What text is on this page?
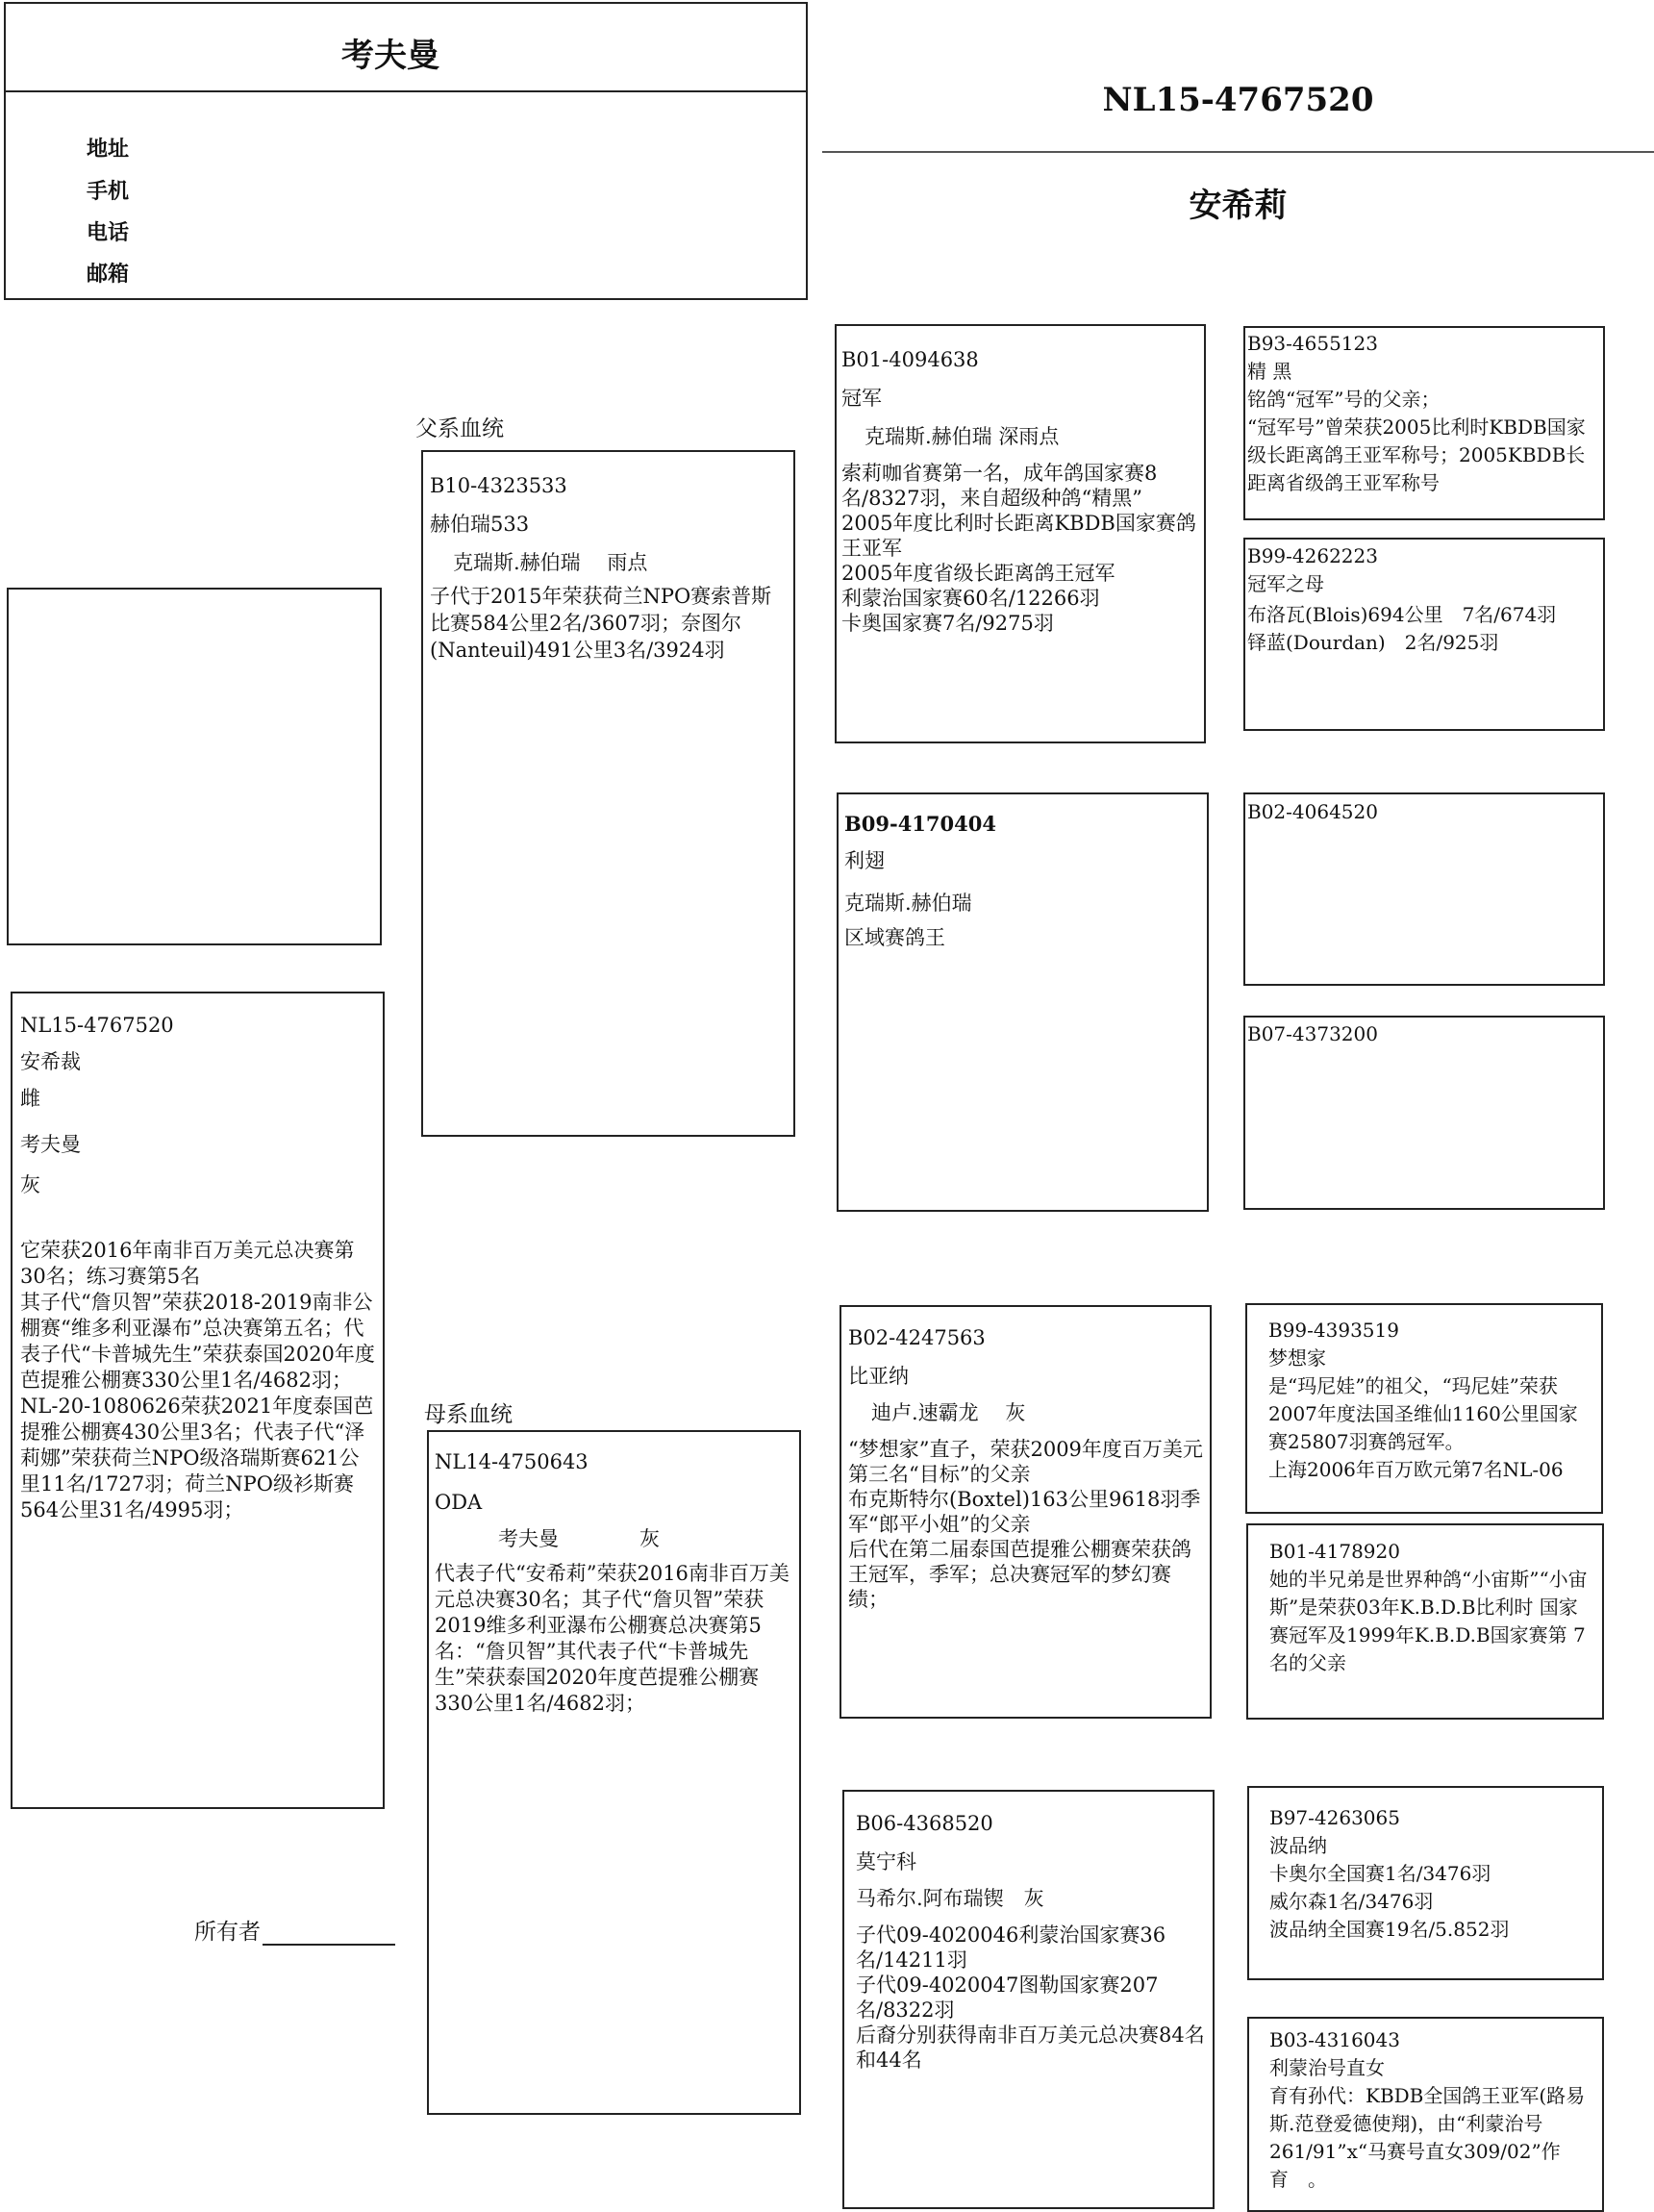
考夫曼
地址
手机
电话
邮箱
NL15-4767520
安希莉
NL15-4767520
安希裁
雌
考夫曼
灰
它荣获2016年南非百万美元总决赛第30名；练习赛第5名
其子代“詹贝智”荣获2018-2019南非公棚赛“维多利亚瀑布”总决赛第五名；代表子代“卡普城先生”荣获泰国2020年度芭提雅公棚赛330公里1名/4682羽；NL-20-1080626荣获2021年度泰国芭提雅公棚赛430公里3名；代表子代“泽莉娜”荣获荷兰NPO级洛瑞斯赛621公里11名/1727羽；荷兰NPO级衫斯赛564公里31名/4995羽；
所有者
父系血统
母系血统
B10-4323533
赫伯瑞533
克瑞斯.赫伯瑞　 雨点
子代于2015年荣获荷兰NPO赛索普斯比赛584公里2名/3607羽；奈图尔(Nanteuil)491公里3名/3924羽
NL14-4750643
ODA
考夫曼　　　　灰
代表子代“安希莉”荣获2016南非百万美元总决赛30名；其子代“詹贝智”荣获2019维多利亚瀑布公棚赛总决赛第5名：“詹贝智”其代表子代“卡普城先生”荣获泰国2020年度芭提雅公棚赛330公里1名/4682羽；
B01-4094638
冠军
克瑞斯.赫伯瑞 深雨点
索莉咖省赛第一名，成年鸽国家赛8名/8327羽，来自超级种鸽“精黑”
2005年度比利时长距离KBDB国家赛鸽王亚军
2005年度省级长距离鸽王冠军
利蒙治国家赛60名/12266羽
卡奥国家赛7名/9275羽
B09-4170404
利翅
克瑞斯.赫伯瑞
区域赛鸽王
B02-4247563
比亚纳
迪卢.速霸龙　 灰
“梦想家”直子，荣获2009年度百万美元第三名“目标”的父亲
布克斯特尔(Boxtel)163公里9618羽季军“郎平小姐”的父亲
后代在第二届泰国芭提雅公棚赛荣获鸽王冠军，季军；总决赛冠军的梦幻赛绩；
B06-4368520
莫宁科
马希尔.阿布瑞锲　灰
子代09-4020046利蒙治国家赛36名/14211羽
子代09-4020047图勒国家赛207名/8322羽
后裔分别获得南非百万美元总决赛84名和44名
B93-4655123
精 黑
铭鸽“冠军”号的父亲；
“冠军号”曾荣获2005比利时KBDB国家级长距离鸽王亚军称号；2005KBDB长距离省级鸽王亚军称号
B99-4262223
冠军之母
布洛瓦(Blois)694公里　7名/674羽
铎蓝(Dourdan)　2名/925羽
B02-4064520
B07-4373200
B99-4393519
梦想家
是“玛尼娃”的祖父，“玛尼娃”荣获2007年度法国圣维仙1160公里国家赛25807羽赛鸽冠军。
上海2006年百万欧元第7名NL-06
B01-4178920
她的半兄弟是世界种鸽“小宙斯”“小宙斯”是荣获03年K.B.D.B比利时 国家赛冠军及1999年K.B.D.B国家赛第 7名的父亲
B97-4263065
波品纳
卡奥尔全国赛1名/3476羽
威尔森1名/3476羽
波品纳全国赛19名/5.852羽
B03-4316043
利蒙治号直女
育有孙代：KBDB全国鸽王亚军(路易斯.范登爱德使翔)，由“利蒙治号261/91”x“马赛号直女309/02”作育　。
